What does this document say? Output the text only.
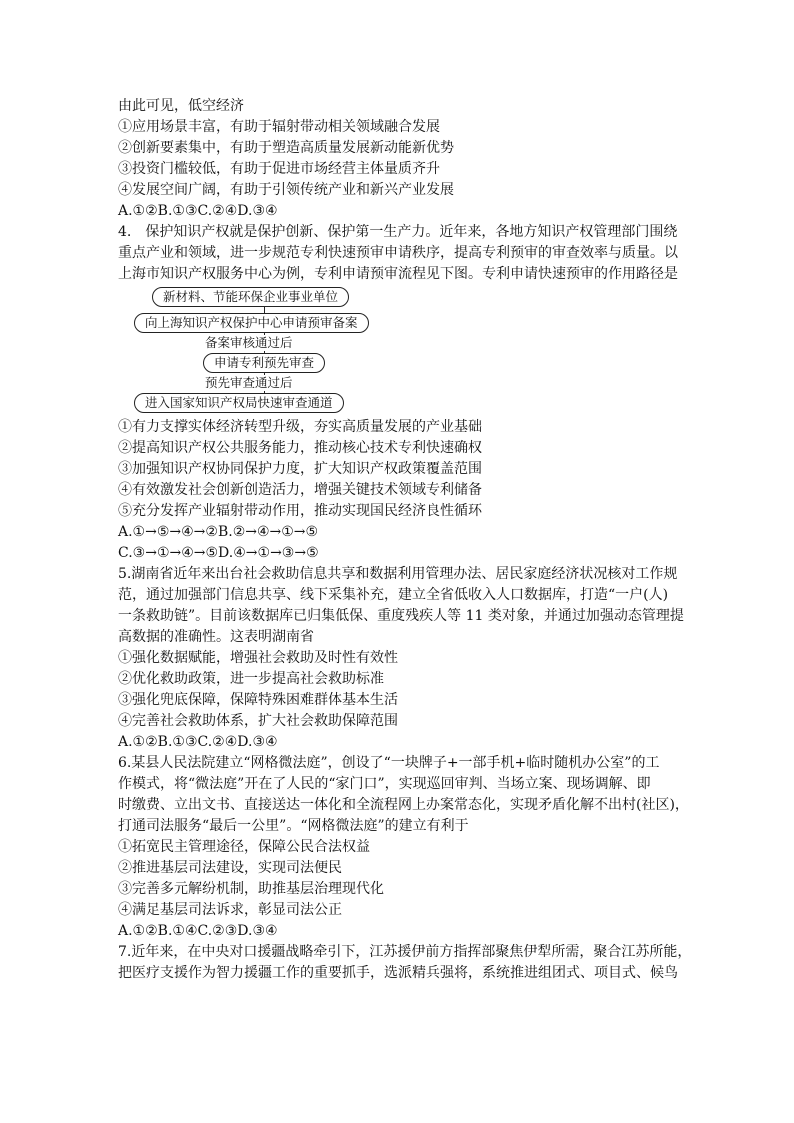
由此可见，低空经济

①应用场景丰富，有助于辐射带动相关领域融合发展

②创新要素集中，有助于塑造高质量发展新动能新优势

③投资门槛较低，有助于促进市场经营主体量质齐升

④发展空间广阔，有助于引领传统产业和新兴产业发展

A.①②B.①③C.②④D.③④

4.　保护知识产权就是保护创新、保护第一生产力。近年来，各地方知识产权管理部门围绕

重点产业和领域，进一步规范专利快速预审申请秩序，提高专利预审的审查效率与质量。以

上海市知识产权服务中心为例，专利申请预审流程见下图。专利申请快速预审的作用路径是

新材料、节能环保企业事业单位
向上海知识产权保护中心申请预审备案
备案审核通过后
申请专利预先审查
预先审查通过后
进入国家知识产权局快速审查通道

①有力支撑实体经济转型升级，夯实高质量发展的产业基础

②提高知识产权公共服务能力，推动核心技术专利快速确权

③加强知识产权协同保护力度，扩大知识产权政策覆盖范围

④有效激发社会创新创造活力，增强关键技术领域专利储备

⑤充分发挥产业辐射带动作用，推动实现国民经济良性循环

A.①→⑤→④→②B.②→④→①→⑤

C.③→①→④→⑤D.④→①→③→⑤

5.湖南省近年来出台社会救助信息共享和数据利用管理办法、居民家庭经济状况核对工作规

范，通过加强部门信息共享、线下采集补充，建立全省低收入人口数据库，打造“一户(人)

一条救助链”。目前该数据库已归集低保、重度残疾人等 11 类对象，并通过加强动态管理提

高数据的准确性。这表明湖南省

①强化数据赋能，增强社会救助及时性有效性

②优化救助政策，进一步提高社会救助标准

③强化兜底保障，保障特殊困难群体基本生活

④完善社会救助体系，扩大社会救助保障范围

A.①②B.①③C.②④D.③④

6.某县人民法院建立“网格微法庭”，创设了“一块牌子+一部手机+临时随机办公室”的工

作模式，将“微法庭”开在了人民的“家门口”，实现巡回审判、当场立案、现场调解、即

时缴费、立出文书、直接送达一体化和全流程网上办案常态化，实现矛盾化解不出村(社区)，

打通司法服务“最后一公里”。“网格微法庭”的建立有利于

①拓宽民主管理途径，保障公民合法权益

②推进基层司法建设，实现司法便民

③完善多元解纷机制，助推基层治理现代化

④满足基层司法诉求，彰显司法公正

A.①②B.①④C.②③D.③④

7.近年来，在中央对口援疆战略牵引下，江苏援伊前方指挥部聚焦伊犁所需，聚合江苏所能，

把医疗支援作为智力援疆工作的重要抓手，选派精兵强将，系统推进组团式、项目式、候鸟
